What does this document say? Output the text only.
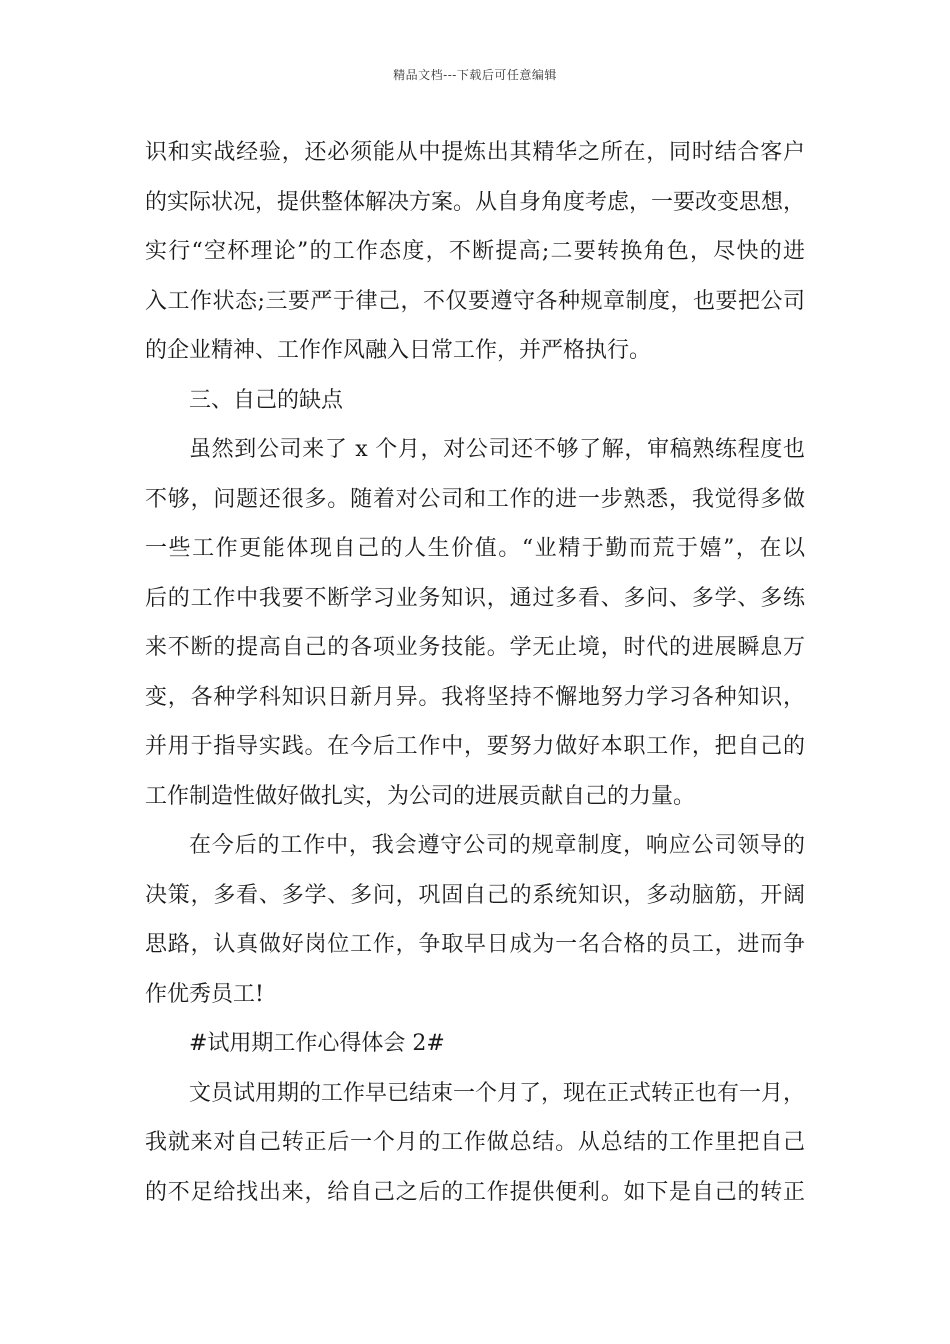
精品文档---下载后可任意编辑
识和实战经验，还必须能从中提炼出其精华之所在，同时结合客户
的实际状况，提供整体解决方案。从自身角度考虑，一要改变思想，
实行“空杯理论”的工作态度，不断提高;二要转换角色，尽快的进
入工作状态;三要严于律己，不仅要遵守各种规章制度，也要把公司
的企业精神、工作作风融入日常工作，并严格执行。
三、自己的缺点
虽然到公司来了 x 个月，对公司还不够了解，审稿熟练程度也
不够，问题还很多。随着对公司和工作的进一步熟悉，我觉得多做
一些工作更能体现自己的人生价值。“业精于勤而荒于嬉”，在以
后的工作中我要不断学习业务知识，通过多看、多问、多学、多练
来不断的提高自己的各项业务技能。学无止境，时代的进展瞬息万
变，各种学科知识日新月异。我将坚持不懈地努力学习各种知识，
并用于指导实践。在今后工作中，要努力做好本职工作，把自己的
工作制造性做好做扎实，为公司的进展贡献自己的力量。
在今后的工作中，我会遵守公司的规章制度，响应公司领导的
决策，多看、多学、多问，巩固自己的系统知识，多动脑筋，开阔
思路，认真做好岗位工作，争取早日成为一名合格的员工，进而争
作优秀员工!
#试用期工作心得体会 2#
文员试用期的工作早已结束一个月了，现在正式转正也有一月，
我就来对自己转正后一个月的工作做总结。从总结的工作里把自己
的不足给找出来，给自己之后的工作提供便利。如下是自己的转正
